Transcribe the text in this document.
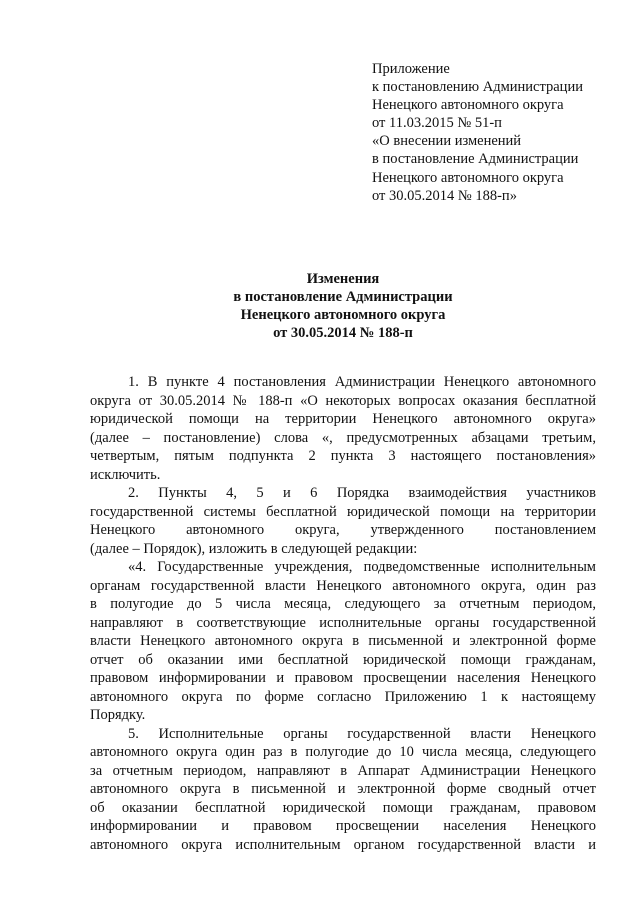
Приложение
к постановлению Администрации
Ненецкого автономного округа
от 11.03.2015 № 51-п
«О внесении изменений
в постановление Администрации
Ненецкого автономного округа
от 30.05.2014 № 188-п»
Изменения
в постановление Администрации
Ненецкого автономного округа
от 30.05.2014 № 188-п
1. В пункте 4 постановления Администрации Ненецкого автономного
округа от 30.05.2014 № 188-п «О некоторых вопросах оказания бесплатной
юридической помощи на территории Ненецкого автономного округа»
(далее – постановление) слова «, предусмотренных абзацами третьим,
четвертым, пятым подпункта 2 пункта 3 настоящего постановления»
исключить.
2. Пункты 4, 5 и 6 Порядка взаимодействия участников
государственной системы бесплатной юридической помощи на территории
Ненецкого автономного округа, утвержденного постановлением
(далее – Порядок), изложить в следующей редакции:
«4. Государственные учреждения, подведомственные исполнительным
органам государственной власти Ненецкого автономного округа, один раз
в полугодие до 5 числа месяца, следующего за отчетным периодом,
направляют в соответствующие исполнительные органы государственной
власти Ненецкого автономного округа в письменной и электронной форме
отчет об оказании ими бесплатной юридической помощи гражданам,
правовом информировании и правовом просвещении населения Ненецкого
автономного округа по форме согласно Приложению 1 к настоящему
Порядку.
5. Исполнительные органы государственной власти Ненецкого
автономного округа один раз в полугодие до 10 числа месяца, следующего
за отчетным периодом, направляют в Аппарат Администрации Ненецкого
автономного округа в письменной и электронной форме сводный отчет
об оказании бесплатной юридической помощи гражданам, правовом
информировании и правовом просвещении населения Ненецкого
автономного округа исполнительным органом государственной власти и
